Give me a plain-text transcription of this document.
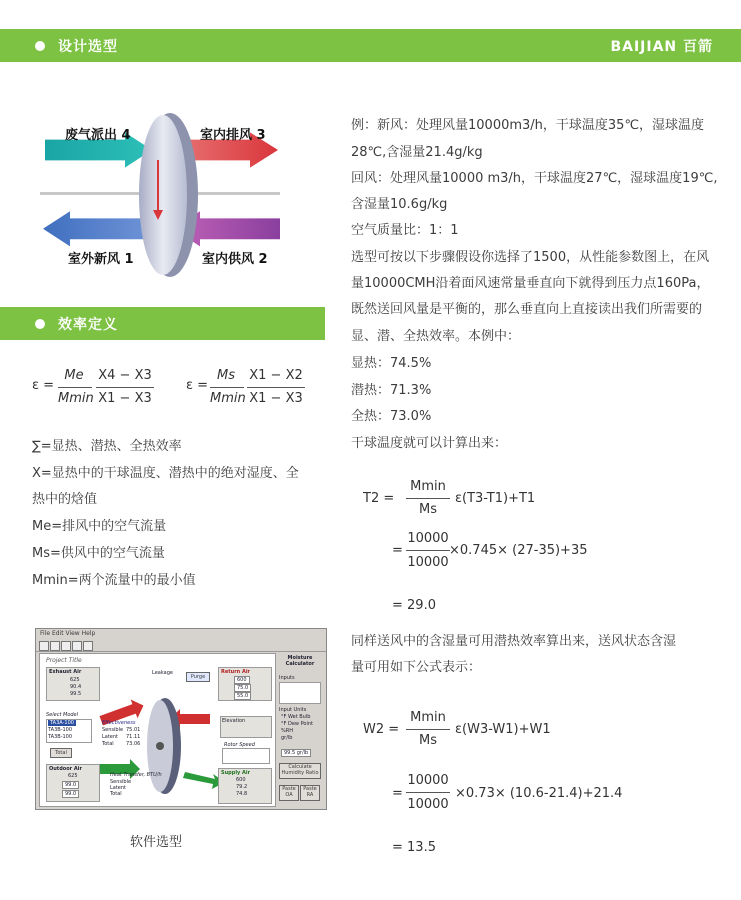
设计选型	BAIJIAN 百箭
废气派出 4	室内排风 3
室外新风 1	室内供风 2
效率定义
ε =
Me
Mmin
X4 − X3
X1 − X3
ε =
Ms
Mmin
X1 − X2
X1 − X3
∑=显热、潜热、全热效率
X=显热中的干球温度、潜热中的绝对湿度、全
热中的焓值
Me=排风中的空气流量
Ms=供风中的空气流量
Mmin=两个流量中的最小值
File Edit View Help
Project Title
Exhaust Air
625
90.4
99.5
Select Model
TA3A-100
TA3B-100
TA3B-100
Total
Outdoor Air
625
99.0
99.0
Leakage
Purge
Effectiveness
Sensible 75.01
Latent 71.11
Total 73.06
Heat Transfer, BTU/h
Sensible
Latent
Total
Return Air
600
75.0
55.0
Elevation
Rotor Speed
Supply Air
600
79.2
74.8
Moisture Calculator
Inputs
Input Units
°F Wet Bulb
°F Dew Point
%RH
gr/lb
99.5 gr/lb
Calculate Humidity Ratio
Paste OA
Paste RA
软件选型
例：新风：处理风量10000m3/h，干球温度35℃，湿球温度
28℃,含湿量21.4g/kg
回风：处理风量10000 m3/h，干球温度27℃，湿球温度19℃,
含湿量10.6g/kg
空气质量比：1：1
选型可按以下步骤假设你选择了1500，从性能参数图上，在风
量10000CMH沿着面风速常量垂直向下就得到压力点160Pa，
既然送回风量是平衡的，那么垂直向上直接读出我们所需要的
显、潜、全热效率。本例中：
显热：74.5%
潜热：71.3%
全热：73.0%
干球温度就可以计算出来：
T2 =
Mmin
Ms
ε(T3-T1)+T1
=
10000
10000
×0.745× (27-35)+35
= 29.0
同样送风中的含湿量可用潜热效率算出来，送风状态含湿
量可用如下公式表示：
W2 =
Mmin
Ms
ε(W3-W1)+W1
=
10000
10000
×0.73× (10.6-21.4)+21.4
= 13.5
